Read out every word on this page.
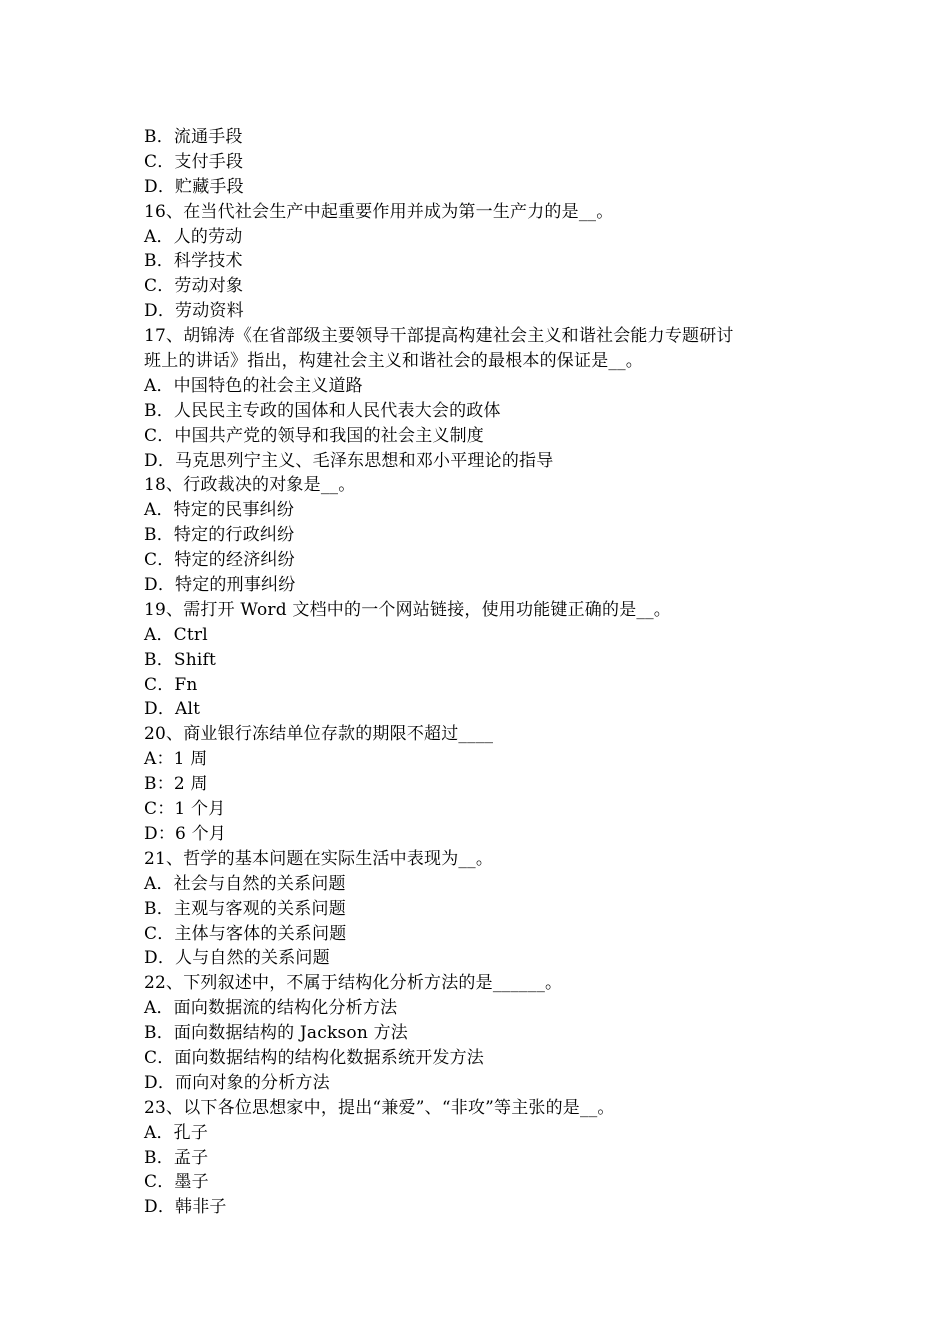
B．流通手段
C．支付手段
D．贮藏手段
16、在当代社会生产中起重要作用并成为第一生产力的是__。
A．人的劳动
B．科学技术
C．劳动对象
D．劳动资料
17、胡锦涛《在省部级主要领导干部提高构建社会主义和谐社会能力专题研讨
班上的讲话》指出，构建社会主义和谐社会的最根本的保证是__。
A．中国特色的社会主义道路
B．人民民主专政的国体和人民代表大会的政体
C．中国共产党的领导和我国的社会主义制度
D．马克思列宁主义、毛泽东思想和邓小平理论的指导
18、行政裁决的对象是__。
A．特定的民事纠纷
B．特定的行政纠纷
C．特定的经济纠纷
D．特定的刑事纠纷
19、需打开 Word 文档中的一个网站链接，使用功能键正确的是__。
A．Ctrl
B．Shift
C．Fn
D．Alt
20、商业银行冻结单位存款的期限不超过____
A：1 周
B：2 周
C：1 个月
D：6 个月
21、哲学的基本问题在实际生活中表现为__。
A．社会与自然的关系问题
B．主观与客观的关系问题
C．主体与客体的关系问题
D．人与自然的关系问题
22、下列叙述中，不属于结构化分析方法的是______。
A．面向数据流的结构化分析方法
B．面向数据结构的 Jackson 方法
C．面向数据结构的结构化数据系统开发方法
D．而向对象的分析方法
23、以下各位思想家中，提出“兼爱”、“非攻”等主张的是__。
A．孔子
B．孟子
C．墨子
D．韩非子
